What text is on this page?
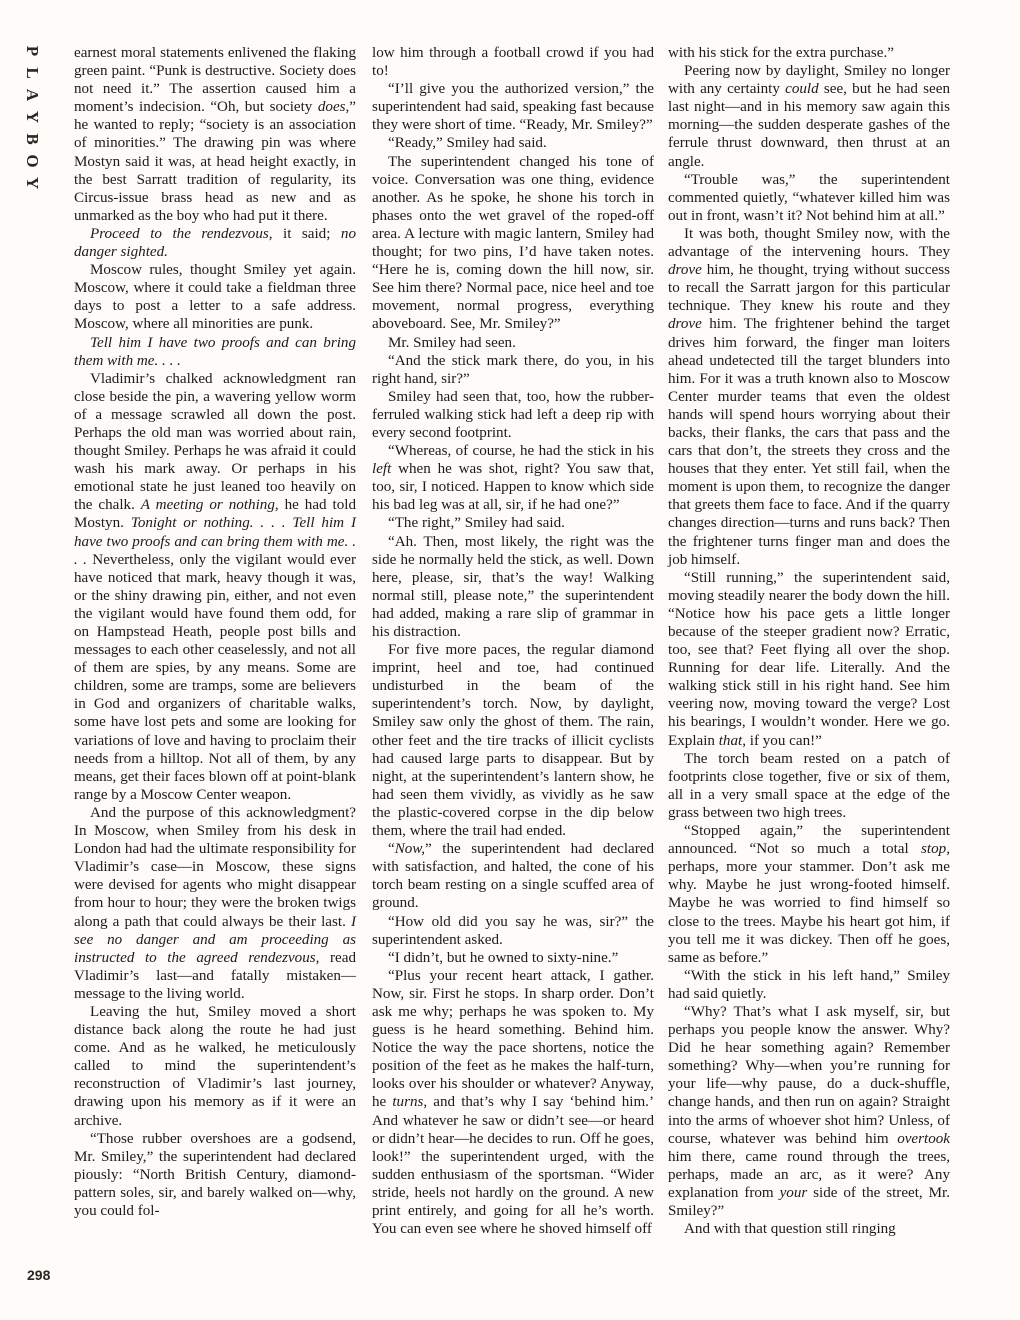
P
L
A
Y
B
O
Y

earnest moral statements enlivened the flaking green paint. “Punk is destructive. Society does not need it.” The assertion caused him a moment’s indecision. “Oh, but society does,” he wanted to reply; “society is an association of minorities.” The drawing pin was where Mostyn said it was, at head height exactly, in the best Sarratt tradition of regularity, its Circus-issue brass head as new and as unmarked as the boy who had put it there.

Proceed to the rendezvous, it said; no danger sighted.

Moscow rules, thought Smiley yet again. Moscow, where it could take a fieldman three days to post a letter to a safe address. Moscow, where all minorities are punk.

Tell him I have two proofs and can bring them with me. . . .

Vladimir’s chalked acknowledgment ran close beside the pin, a wavering yellow worm of a message scrawled all down the post. Perhaps the old man was worried about rain, thought Smiley. Perhaps he was afraid it could wash his mark away. Or perhaps in his emotional state he just leaned too heavily on the chalk. A meeting or nothing, he had told Mostyn. Tonight or nothing. . . . Tell him I have two proofs and can bring them with me. . . . Nevertheless, only the vigilant would ever have noticed that mark, heavy though it was, or the shiny drawing pin, either, and not even the vigilant would have found them odd, for on Hampstead Heath, people post bills and messages to each other ceaselessly, and not all of them are spies, by any means. Some are children, some are tramps, some are believers in God and organizers of charitable walks, some have lost pets and some are looking for variations of love and having to proclaim their needs from a hilltop. Not all of them, by any means, get their faces blown off at point-blank range by a Moscow Center weapon.

And the purpose of this acknowledgment? In Moscow, when Smiley from his desk in London had had the ultimate responsibility for Vladimir’s case—in Moscow, these signs were devised for agents who might disappear from hour to hour; they were the broken twigs along a path that could always be their last. I see no danger and am proceeding as instructed to the agreed rendezvous, read Vladimir’s last—and fatally mistaken—message to the living world.

Leaving the hut, Smiley moved a short distance back along the route he had just come. And as he walked, he meticulously called to mind the superintendent’s reconstruction of Vladimir’s last journey, drawing upon his memory as if it were an archive.

“Those rubber overshoes are a godsend, Mr. Smiley,” the superintendent had declared piously: “North British Century, diamond-pattern soles, sir, and barely walked on—why, you could fol-

low him through a football crowd if you had to!

“I’ll give you the authorized version,” the superintendent had said, speaking fast because they were short of time. “Ready, Mr. Smiley?”

“Ready,” Smiley had said.

The superintendent changed his tone of voice. Conversation was one thing, evidence another. As he spoke, he shone his torch in phases onto the wet gravel of the roped-off area. A lecture with magic lantern, Smiley had thought; for two pins, I’d have taken notes. “Here he is, coming down the hill now, sir. See him there? Normal pace, nice heel and toe movement, normal progress, everything aboveboard. See, Mr. Smiley?”

Mr. Smiley had seen.

“And the stick mark there, do you, in his right hand, sir?”

Smiley had seen that, too, how the rubber-ferruled walking stick had left a deep rip with every second footprint.

“Whereas, of course, he had the stick in his left when he was shot, right? You saw that, too, sir, I noticed. Happen to know which side his bad leg was at all, sir, if he had one?”

“The right,” Smiley had said.

“Ah. Then, most likely, the right was the side he normally held the stick, as well. Down here, please, sir, that’s the way! Walking normal still, please note,” the superintendent had added, making a rare slip of grammar in his distraction.

For five more paces, the regular diamond imprint, heel and toe, had continued undisturbed in the beam of the superintendent’s torch. Now, by daylight, Smiley saw only the ghost of them. The rain, other feet and the tire tracks of illicit cyclists had caused large parts to disappear. But by night, at the superintendent’s lantern show, he had seen them vividly, as vividly as he saw the plastic-covered corpse in the dip below them, where the trail had ended.

“Now,” the superintendent had declared with satisfaction, and halted, the cone of his torch beam resting on a single scuffed area of ground.

“How old did you say he was, sir?” the superintendent asked.

“I didn’t, but he owned to sixty-nine.”

“Plus your recent heart attack, I gather. Now, sir. First he stops. In sharp order. Don’t ask me why; perhaps he was spoken to. My guess is he heard something. Behind him. Notice the way the pace shortens, notice the position of the feet as he makes the half-turn, looks over his shoulder or whatever? Anyway, he turns, and that’s why I say ‘behind him.’ And whatever he saw or didn’t see—or heard or didn’t hear—he decides to run. Off he goes, look!” the superintendent urged, with the sudden enthusiasm of the sportsman. “Wider stride, heels not hardly on the ground. A new print entirely, and going for all he’s worth. You can even see where he shoved himself off

with his stick for the extra purchase.”

Peering now by daylight, Smiley no longer with any certainty could see, but he had seen last night—and in his memory saw again this morning—the sudden desperate gashes of the ferrule thrust downward, then thrust at an angle.

“Trouble was,” the superintendent commented quietly, “whatever killed him was out in front, wasn’t it? Not behind him at all.”

It was both, thought Smiley now, with the advantage of the intervening hours. They drove him, he thought, trying without success to recall the Sarratt jargon for this particular technique. They knew his route and they drove him. The frightener behind the target drives him forward, the finger man loiters ahead undetected till the target blunders into him. For it was a truth known also to Moscow Center murder teams that even the oldest hands will spend hours worrying about their backs, their flanks, the cars that pass and the cars that don’t, the streets they cross and the houses that they enter. Yet still fail, when the moment is upon them, to recognize the danger that greets them face to face. And if the quarry changes direction—turns and runs back? Then the frightener turns finger man and does the job himself.

“Still running,” the superintendent said, moving steadily nearer the body down the hill. “Notice how his pace gets a little longer because of the steeper gradient now? Erratic, too, see that? Feet flying all over the shop. Running for dear life. Literally. And the walking stick still in his right hand. See him veering now, moving toward the verge? Lost his bearings, I wouldn’t wonder. Here we go. Explain that, if you can!”

The torch beam rested on a patch of footprints close together, five or six of them, all in a very small space at the edge of the grass between two high trees.

“Stopped again,” the superintendent announced. “Not so much a total stop, perhaps, more your stammer. Don’t ask me why. Maybe he just wrong-footed himself. Maybe he was worried to find himself so close to the trees. Maybe his heart got him, if you tell me it was dickey. Then off he goes, same as before.”

“With the stick in his left hand,” Smiley had said quietly.

“Why? That’s what I ask myself, sir, but perhaps you people know the answer. Why? Did he hear something again? Remember something? Why—when you’re running for your life—why pause, do a duck-shuffle, change hands, and then run on again? Straight into the arms of whoever shot him? Unless, of course, whatever was behind him overtook him there, came round through the trees, perhaps, made an arc, as it were? Any explanation from your side of the street, Mr. Smiley?”

And with that question still ringing

298
